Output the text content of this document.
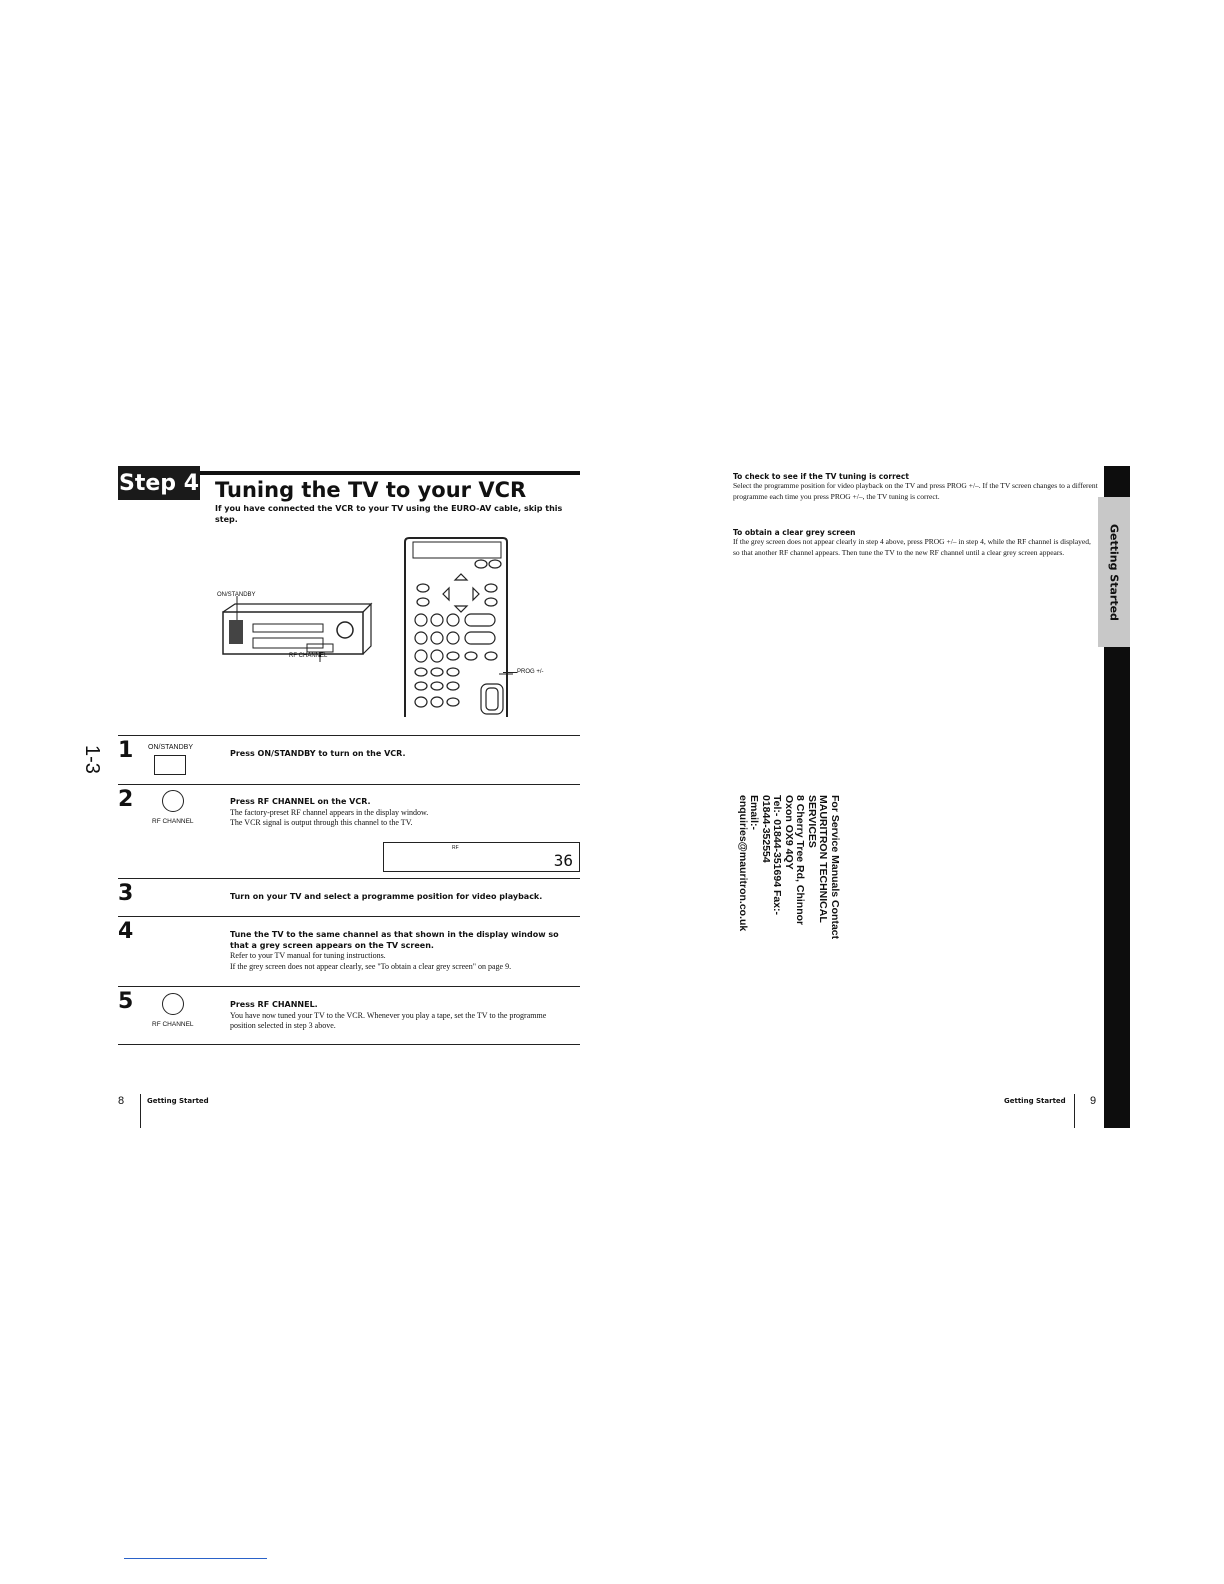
Step 4 Tuning the TV to your VCR
If you have connected the VCR to your TV using the EURO-AV cable, skip this step.
ON/STANDBY
RF CHANNEL
PROG +/-
1 ON/STANDBY
Press ON/STANDBY to turn on the VCR.
2
RF CHANNEL
Press RF CHANNEL on the VCR.
The factory-preset RF channel appears in the display window.
The VCR signal is output through this channel to the TV.
RF
36
3	Turn on your TV and select a programme position for video playback.
4	Tune the TV to the same channel as that shown in the display window so that a grey screen appears on the TV screen.
Refer to your TV manual for tuning instructions.
If the grey screen does not appear clearly, see "To obtain a clear grey screen" on page 9.
5
RF CHANNEL
Press RF CHANNEL.
You have now tuned your TV to the VCR. Whenever you play a tape, set the TV to the programme position selected in step 3 above.
1-3
8	Getting Started
To check to see if the TV tuning is correct
Select the programme position for video playback on the TV and press PROG +/–. If the TV screen changes to a different programme each time you press PROG +/–, the TV tuning is correct.
To obtain a clear grey screen
If the grey screen does not appear clearly in step 4 above, press PROG +/– in step 4, while the RF channel is displayed, so that another RF channel appears. Then tune the TV to the new RF channel until a clear grey screen appears.	Getting Started
For Service Manuals Contact
MAURITRON TECHNICAL SERVICES
8 Cherry Tree Rd, Chinnor
Oxon OX9 4QY
Tel:- 01844-351694 Fax:- 01844-352554
Email:- enquiries@mauritron.co.uk
Getting Started 9
